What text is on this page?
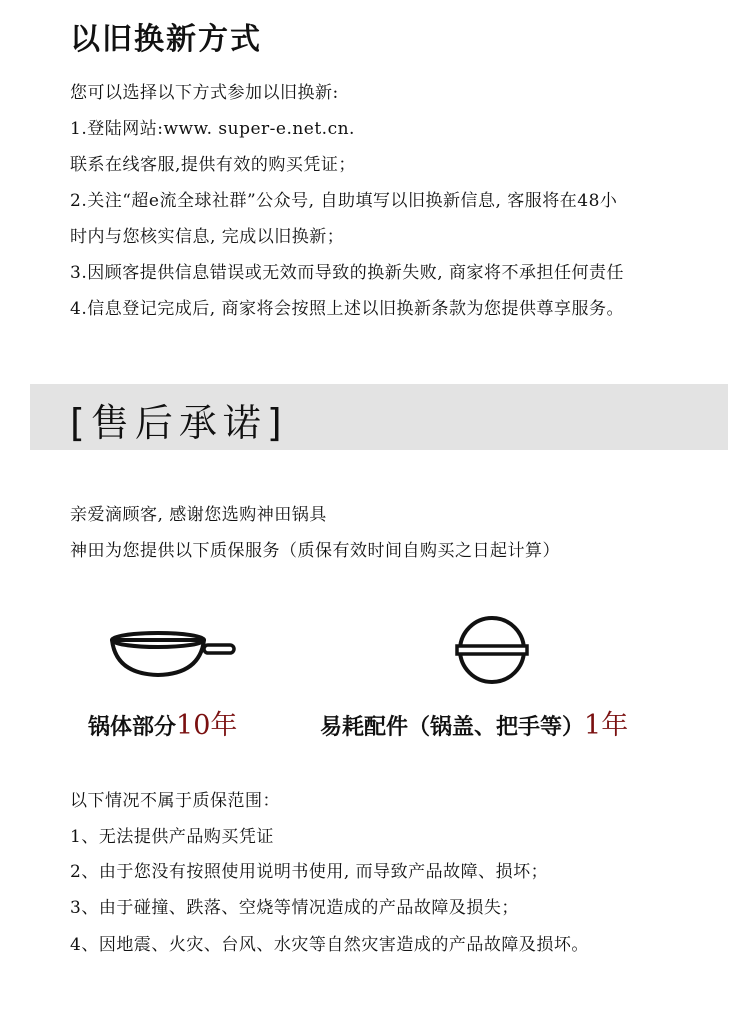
以旧换新方式
您可以选择以下方式参加以旧换新:
1.登陆网站:www. super-e.net.cn.
联系在线客服,提供有效的购买凭证；
2.关注“超e流全球社群”公众号, 自助填写以旧换新信息, 客服将在48小
时内与您核实信息, 完成以旧换新；
3.因顾客提供信息错误或无效而导致的换新失败, 商家将不承担任何责任
4.信息登记完成后, 商家将会按照上述以旧换新条款为您提供尊享服务。
[售后承诺]
亲爱滴顾客, 感谢您选购神田锅具
神田为您提供以下质保服务（质保有效时间自购买之日起计算）
锅体部分10年	易耗配件（锅盖、把手等）1年
以下情况不属于质保范围：
1、无法提供产品购买凭证
2、由于您没有按照使用说明书使用, 而导致产品故障、损坏；
3、由于碰撞、跌落、空烧等情况造成的产品故障及损失；
4、因地震、火灾、台风、水灾等自然灾害造成的产品故障及损坏。
